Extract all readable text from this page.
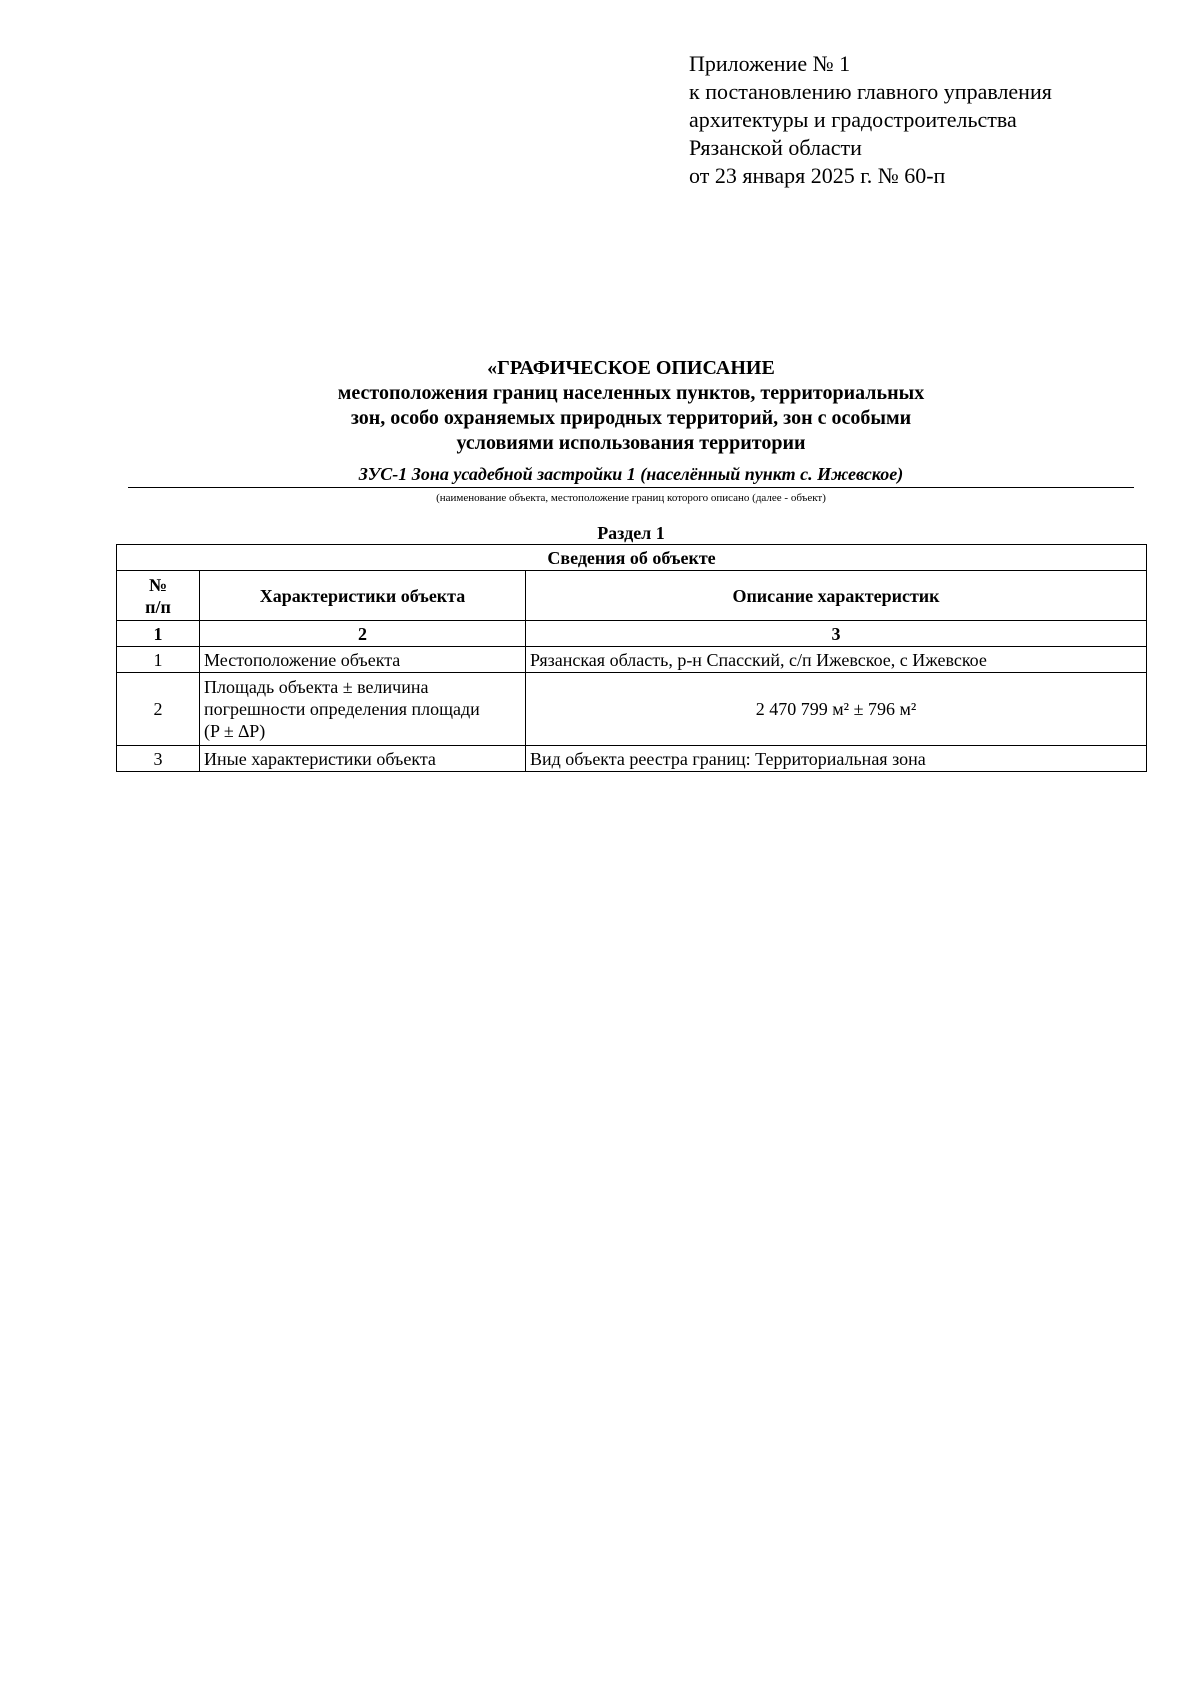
Приложение № 1
к постановлению главного управления
архитектуры и градостроительства
Рязанской области
от 23 января 2025 г. № 60-п
«ГРАФИЧЕСКОЕ ОПИСАНИЕ
местоположения границ населенных пунктов, территориальных
зон, особо охраняемых природных территорий, зон с особыми
условиями использования территории
ЗУС-1 Зона усадебной застройки 1 (населённый пункт с. Ижевское)
(наименование объекта, местоположение границ которого описано (далее - объект)
Раздел 1
Сведения об объекте		

№
п/п	Характеристики объекта	Описание характеристик
1	2	3
1	Местоположение объекта	Рязанская область, р-н Спасский, с/п Ижевское, с Ижевское
2	Площадь объекта ± величина
погрешности определения площади
(P ± ∆P)	2 470 799 м² ± 796 м²
3	Иные характеристики объекта	Вид объекта реестра границ: Территориальная зона
